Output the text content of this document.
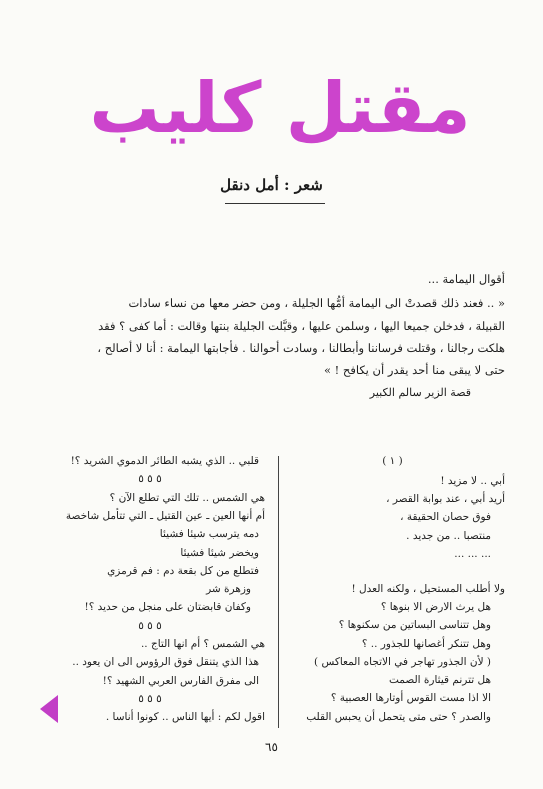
مقتل كليب
شعر : أمل دنقل
أقوال اليمامة ...
« .. فعند ذلك قصدتْ الى اليمامة أمُّها الجليلة ، ومن حضر معها من نساء سادات
القبيلة ، فدخلن جميعا اليها ، وسلمن عليها ، وقبَّلت الجليلة بنتها وقالت : أما كفى ؟ فقد
هلكت رجالنا ، وقتلت فرساننا وأبطالنا ، وسادت أحوالنا . فأجابتها اليمامة : أنا لا أصالح ،
حتى لا يبقى منا أحد يقدر أن يكافح ! »
قصة الزير سالم الكبير
( ١ )
أبي .. لا مزيد !
أريد أبي ، عند بوابة القصر ،
فوق حصان الحقيقة ،
منتصبا .. من جديد .
... ... ...
ولا أطلب المستحيل ، ولكنه العدل !
هل يرث الارض الا بنوها ؟
وهل تتناسى البساتين من سكنوها ؟
وهل تتنكر أغصانها للجذور .. ؟
( لأن الجذور تهاجر في الاتجاه المعاكس )
هل تترنم قيثارة الصمت
الا اذا مست القوس أوتارها العصبية ؟
والصدر ؟ حتى متى يتحمل أن يحبس القلب
قلبي .. الذي يشبه الطائر الدموي الشريد ؟!
٥ ٥ ٥
هي الشمس .. تلك التي تطلع الآن ؟
أم أنها العين ـ عين القتيل ـ التي تتأمل شاخصة
دمه يترسب شيئا فشيئا
ويخضر شيئا فشيئا
فتطلع من كل بقعة دم : فم قرمزي
وزهرة شر
وكفان قابضتان على منجل من حديد ؟!
٥ ٥ ٥
هي الشمس ؟ أم انها التاج ..
هذا الذي يتنقل فوق الرؤوس الى ان يعود ..
الى مفرق الفارس العربي الشهيد ؟!
٥ ٥ ٥
اقول لكم : أيها الناس .. كونوا أناسا .
٦٥
